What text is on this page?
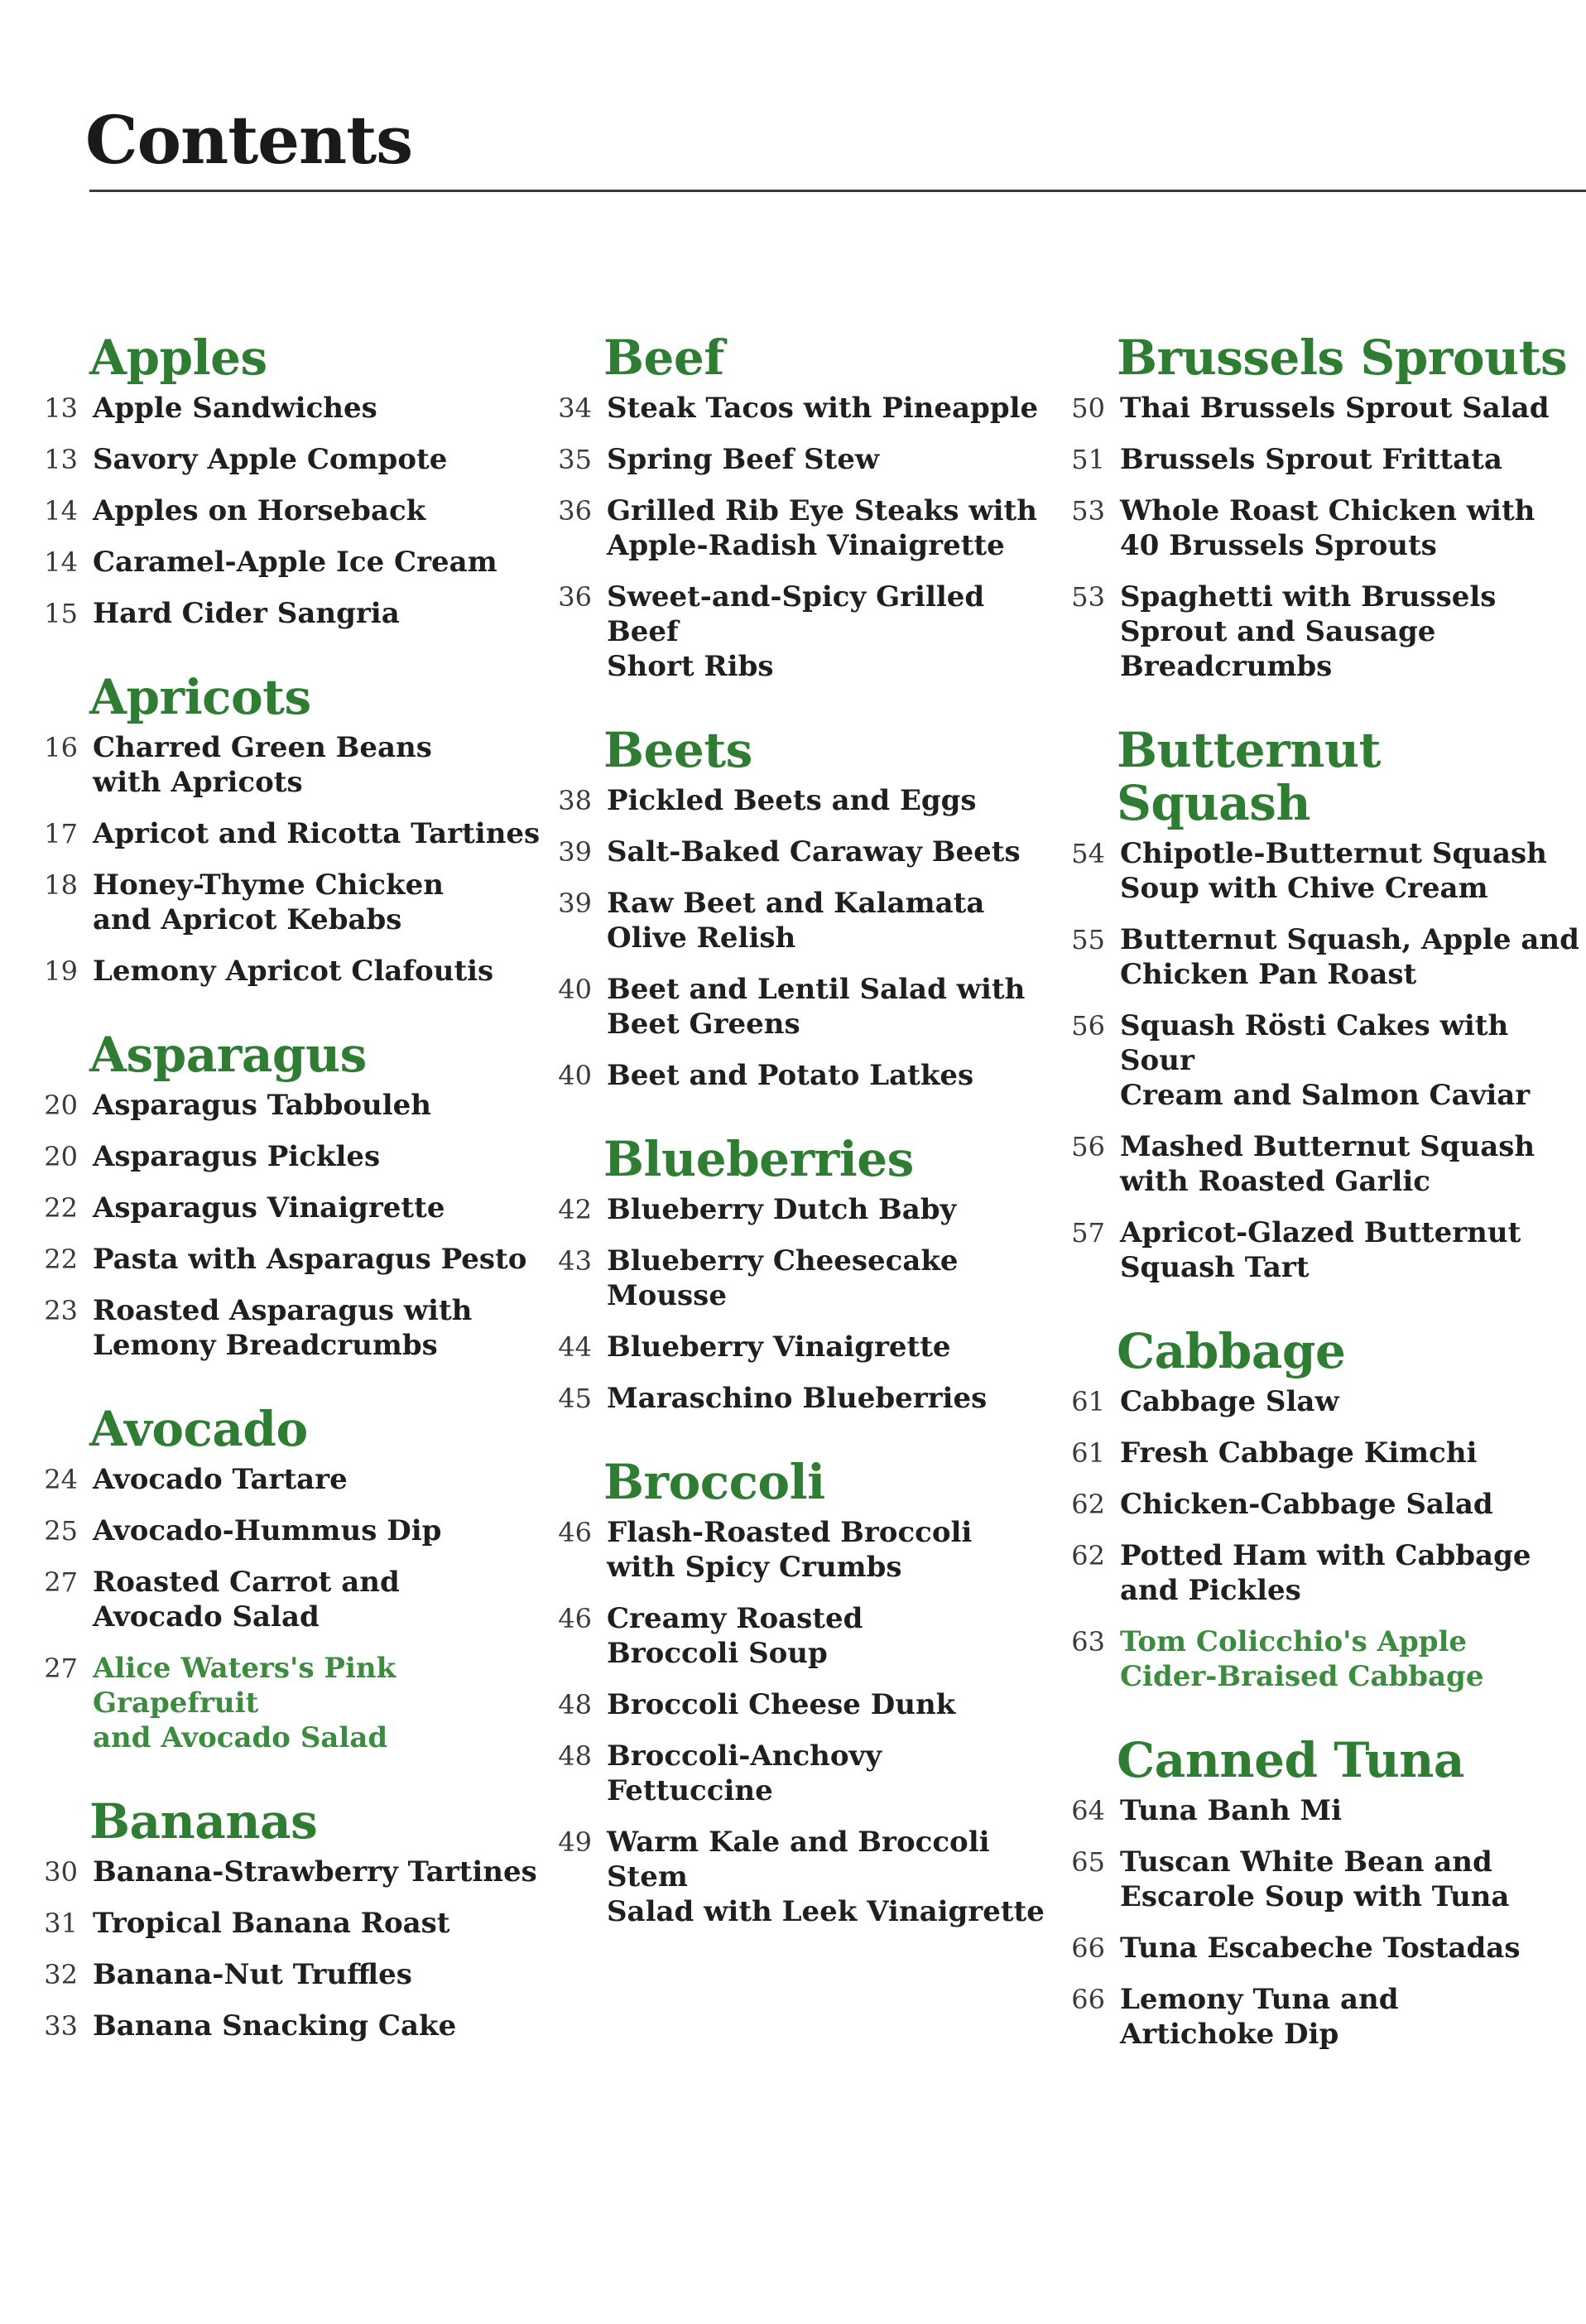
Contents
Apples
13 Apple Sandwiches
13 Savory Apple Compote
14 Apples on Horseback
14 Caramel-Apple Ice Cream
15 Hard Cider Sangria
Apricots
16 Charred Green Beans
with Apricots
17 Apricot and Ricotta Tartines
18 Honey-Thyme Chicken
and Apricot Kebabs
19 Lemony Apricot Clafoutis
Asparagus
20 Asparagus Tabbouleh
20 Asparagus Pickles
22 Asparagus Vinaigrette
22 Pasta with Asparagus Pesto
23 Roasted Asparagus with
Lemony Breadcrumbs
Avocado
24 Avocado Tartare
25 Avocado-Hummus Dip
27 Roasted Carrot and
Avocado Salad
27 Alice Waters's Pink Grapefruit
and Avocado Salad
Bananas
30 Banana-Strawberry Tartines
31 Tropical Banana Roast
32 Banana-Nut Truffles
33 Banana Snacking Cake
Beef
34 Steak Tacos with Pineapple
35 Spring Beef Stew
36 Grilled Rib Eye Steaks with
Apple-Radish Vinaigrette
36 Sweet-and-Spicy Grilled Beef
Short Ribs
Beets
38 Pickled Beets and Eggs
39 Salt-Baked Caraway Beets
39 Raw Beet and Kalamata
Olive Relish
40 Beet and Lentil Salad with
Beet Greens
40 Beet and Potato Latkes
Blueberries
42 Blueberry Dutch Baby
43 Blueberry Cheesecake Mousse
44 Blueberry Vinaigrette
45 Maraschino Blueberries
Broccoli
46 Flash-Roasted Broccoli
with Spicy Crumbs
46 Creamy Roasted
Broccoli Soup
48 Broccoli Cheese Dunk
48 Broccoli-Anchovy Fettuccine
49 Warm Kale and Broccoli Stem
Salad with Leek Vinaigrette
Brussels Sprouts
50 Thai Brussels Sprout Salad
51 Brussels Sprout Frittata
53 Whole Roast Chicken with
40 Brussels Sprouts
53 Spaghetti with Brussels
Sprout and Sausage
Breadcrumbs
Butternut
Squash
54 Chipotle-Butternut Squash
Soup with Chive Cream
55 Butternut Squash, Apple and
Chicken Pan Roast
56 Squash Rösti Cakes with Sour
Cream and Salmon Caviar
56 Mashed Butternut Squash
with Roasted Garlic
57 Apricot-Glazed Butternut
Squash Tart
Cabbage
61 Cabbage Slaw
61 Fresh Cabbage Kimchi
62 Chicken-Cabbage Salad
62 Potted Ham with Cabbage
and Pickles
63 Tom Colicchio's Apple
Cider-Braised Cabbage
Canned Tuna
64 Tuna Banh Mi
65 Tuscan White Bean and
Escarole Soup with Tuna
66 Tuna Escabeche Tostadas
66 Lemony Tuna and
Artichoke Dip
